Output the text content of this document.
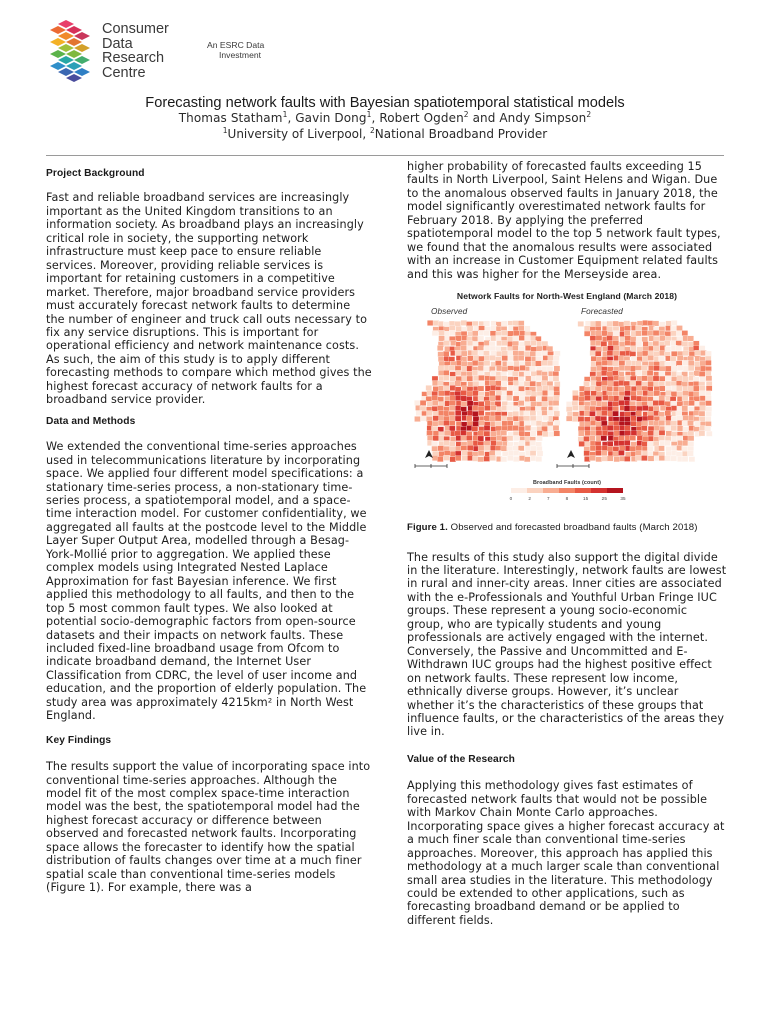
Consumer
Data
Research
Centre
An ESRC Data
Investment
Forecasting network faults with Bayesian spatiotemporal statistical models
Thomas Statham$^1$, Gavin Dong$^1$, Robert Ogden$^2$ and Andy Simpson$^2$
$^1$University of Liverpool, $^2$National Broadband Provider
Project Background

Fast and reliable broadband services are increasingly important as the United Kingdom transitions to an information society. As broadband plays an increasingly critical role in society, the supporting network infrastructure must keep pace to ensure reliable services. Moreover, providing reliable services is important for retaining customers in a competitive market. Therefore, major broadband service providers must accurately forecast network faults to determine the number of engineer and truck call outs necessary to fix any service disruptions. This is important for operational efficiency and network maintenance costs. As such, the aim of this study is to apply different forecasting methods to compare which method gives the highest forecast accuracy of network faults for a broadband service provider.

Data and Methods

We extended the conventional time-series approaches used in telecommunications literature by incorporating space. We applied four different model specifications: a stationary time-series process, a non-stationary time-series process, a spatiotemporal model, and a space-time interaction model. For customer confidentiality, we aggregated all faults at the postcode level to the Middle Layer Super Output Area, modelled through a Besag-York-Mollié prior to aggregation. We applied these complex models using Integrated Nested Laplace Approximation for fast Bayesian inference. We first applied this methodology to all faults, and then to the top 5 most common fault types. We also looked at potential socio-demographic factors from open-source datasets and their impacts on network faults. These included fixed-line broadband usage from Ofcom to indicate broadband demand, the Internet User Classification from CDRC, the level of user income and education, and the proportion of elderly population. The study area was approximately 4215km² in North West England.

Key Findings

The results support the value of incorporating space into conventional time-series approaches. Although the model fit of the most complex space-time interaction model was the best, the spatiotemporal model had the highest forecast accuracy or difference between observed and forecasted network faults. Incorporating space allows the forecaster to identify how the spatial distribution of faults changes over time at a much finer spatial scale than conventional time-series models (Figure 1). For example, there was a

higher probability of forecasted faults exceeding 15 faults in North Liverpool, Saint Helens and Wigan. Due to the anomalous observed faults in January 2018, the model significantly overestimated network faults for February 2018. By applying the preferred spatiotemporal model to the top 5 network fault types, we found that the anomalous results were associated with an increase in Customer Equipment related faults and this was higher for the Merseyside area.

Network Faults for North-West England (March 2018)
Observed	Forecasted
Broadband Faults (count)
0	2	7	8	15	25	35

Figure 1. Observed and forecasted broadband faults (March 2018)

The results of this study also support the digital divide in the literature. Interestingly, network faults are lowest in rural and inner-city areas. Inner cities are associated with the e-Professionals and Youthful Urban Fringe IUC groups. These represent a young socio-economic group, who are typically students and young professionals are actively engaged with the internet. Conversely, the Passive and Uncommitted and E-Withdrawn IUC groups had the highest positive effect on network faults. These represent low income, ethnically diverse groups. However, it’s unclear whether it’s the characteristics of these groups that influence faults, or the characteristics of the areas they live in.

Value of the Research

Applying this methodology gives fast estimates of forecasted network faults that would not be possible with Markov Chain Monte Carlo approaches. Incorporating space gives a higher forecast accuracy at a much finer scale than conventional time-series approaches. Moreover, this approach has applied this methodology at a much larger scale than conventional small area studies in the literature. This methodology could be extended to other applications, such as forecasting broadband demand or be applied to different fields.
